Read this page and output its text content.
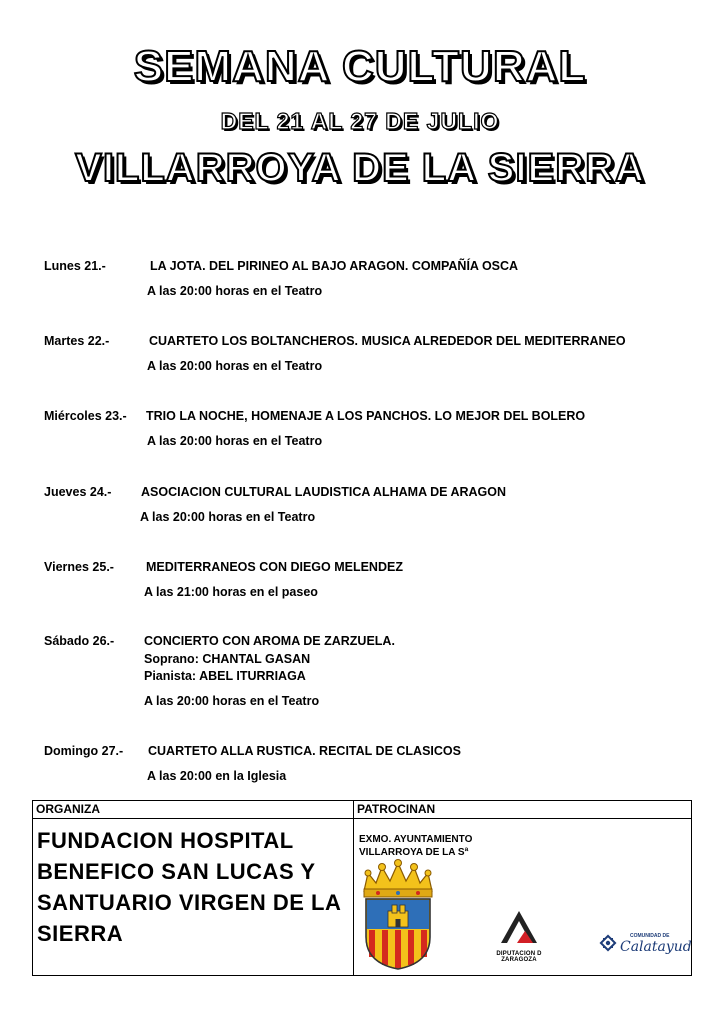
SEMANA CULTURAL
DEL 21 AL 27 DE JULIO
VILLARROYA DE LA SIERRA
Lunes 21.-	LA JOTA. DEL PIRINEO AL BAJO ARAGON. COMPAÑÍA OSCA
A las 20:00 horas en el Teatro
Martes 22.-	CUARTETO LOS BOLTANCHEROS. MUSICA ALREDEDOR DEL MEDITERRANEO
A las 20:00 horas en el Teatro
Miércoles 23.- TRIO LA NOCHE, HOMENAJE A LOS PANCHOS. LO MEJOR DEL BOLERO
A las 20:00 horas en el Teatro
Jueves 24.- ASOCIACION CULTURAL LAUDISTICA ALHAMA DE ARAGON
A las 20:00 horas en el Teatro
Viernes 25.-	MEDITERRANEOS CON DIEGO MELENDEZ
A las 21:00 horas en el paseo
Sábado 26.- CONCIERTO CON AROMA DE ZARZUELA.
Soprano: CHANTAL GASAN
Pianista: ABEL ITURRIAGA
A las 20:00 horas en el Teatro
Domingo 27.- CUARTETO ALLA RUSTICA. RECITAL DE CLASICOS
A las 20:00 en la Iglesia
ORGANIZA
FUNDACION HOSPITAL BENEFICO SAN LUCAS Y SANTUARIO VIRGEN DE LA SIERRA
PATROCINAN
EXMO. AYUNTAMIENTO
VILLARROYA DE LA Sª
DIPUTACION D ZARAGOZA
COMUNIDAD DE
Calatayud
